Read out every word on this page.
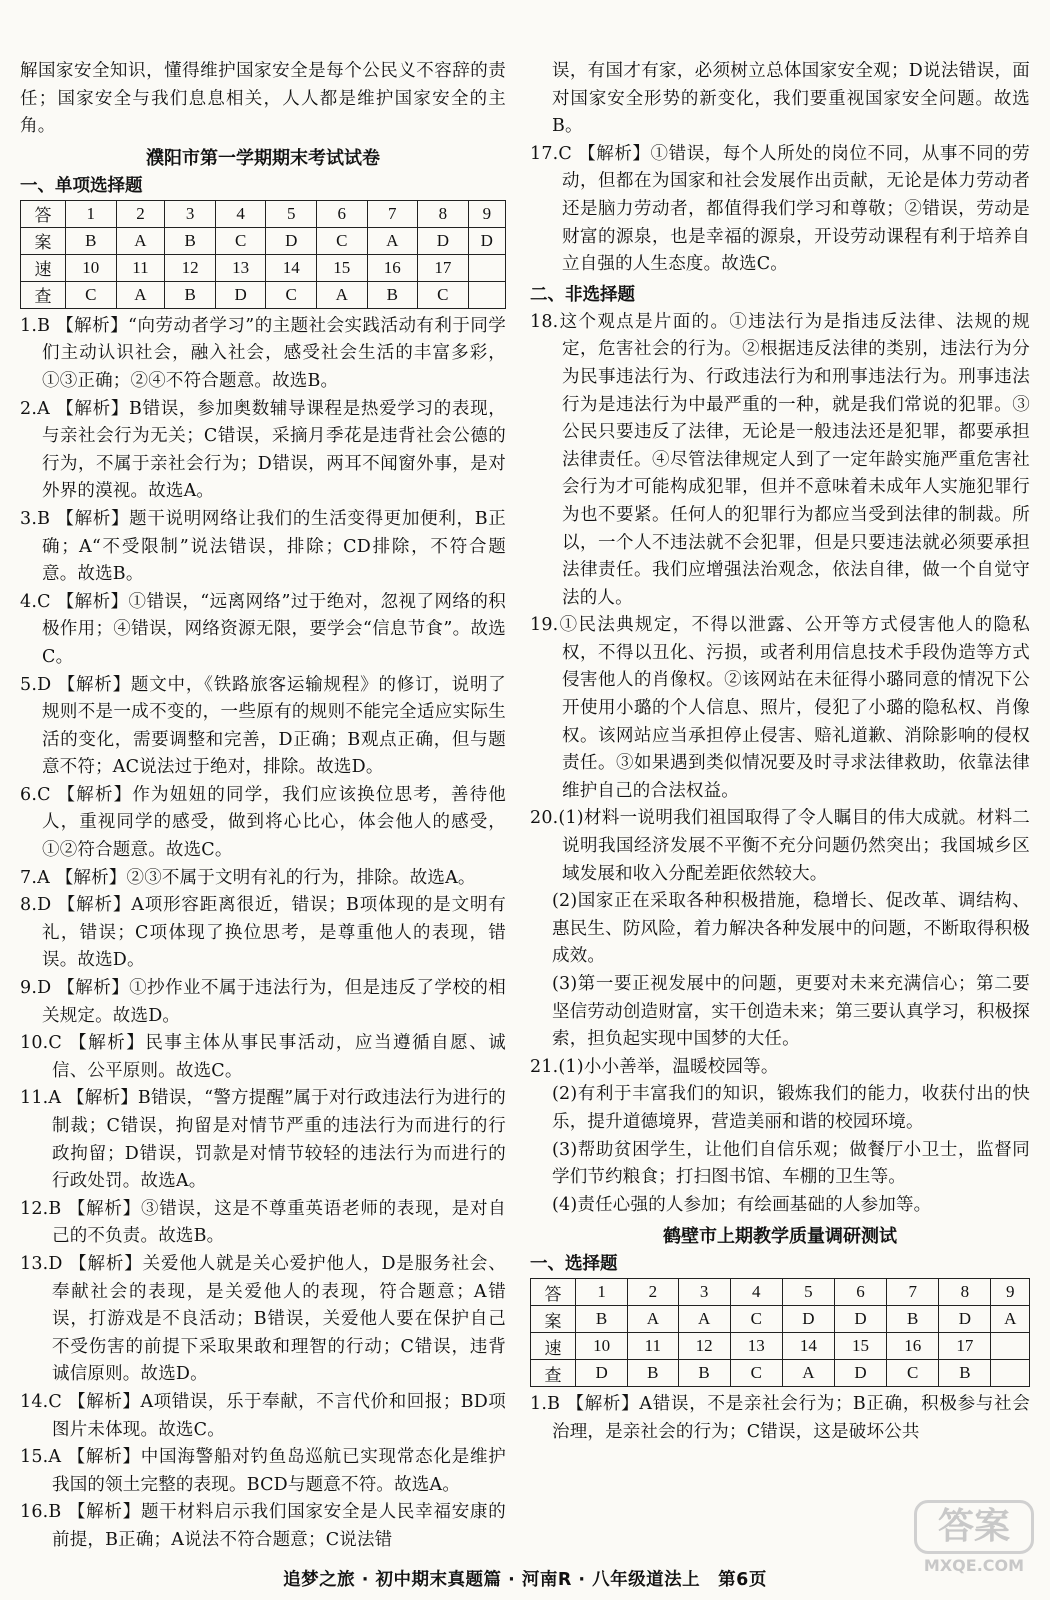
解国家安全知识，懂得维护国家安全是每个公民义不容辞的责任；国家安全与我们息息相关，人人都是维护国家安全的主角。

濮阳市第一学期期末考试试卷
一、单项选择题
答	1	2	3	4	5	6	7	8	9
案	B	A	B	C	D	C	A	D	D
速	10	11	12	13	14	15	16	17	
查	C	A	B	D	C	A	B	C	

1.B 【解析】“向劳动者学习”的主题社会实践活动有利于同学们主动认识社会，融入社会，感受社会生活的丰富多彩，①③正确；②④不符合题意。故选B。

2.A 【解析】B错误，参加奥数辅导课程是热爱学习的表现，与亲社会行为无关；C错误，采摘月季花是违背社会公德的行为，不属于亲社会行为；D错误，两耳不闻窗外事，是对外界的漠视。故选A。

3.B 【解析】题干说明网络让我们的生活变得更加便利，B正确；A“不受限制”说法错误，排除；CD排除，不符合题意。故选B。

4.C 【解析】①错误，“远离网络”过于绝对，忽视了网络的积极作用；④错误，网络资源无限，要学会“信息节食”。故选C。

5.D 【解析】题文中，《铁路旅客运输规程》的修订，说明了规则不是一成不变的，一些原有的规则不能完全适应实际生活的变化，需要调整和完善，D正确；B观点正确，但与题意不符；AC说法过于绝对，排除。故选D。

6.C 【解析】作为妞妞的同学，我们应该换位思考，善待他人，重视同学的感受，做到将心比心，体会他人的感受，①②符合题意。故选C。

7.A 【解析】②③不属于文明有礼的行为，排除。故选A。

8.D 【解析】A项形容距离很近，错误；B项体现的是文明有礼，错误；C项体现了换位思考，是尊重他人的表现，错误。故选D。

9.D 【解析】①抄作业不属于违法行为，但是违反了学校的相关规定。故选D。

10.C 【解析】民事主体从事民事活动，应当遵循自愿、诚信、公平原则。故选C。

11.A 【解析】B错误，“警方提醒”属于对行政违法行为进行的制裁；C错误，拘留是对情节严重的违法行为而进行的行政拘留；D错误，罚款是对情节较轻的违法行为而进行的行政处罚。故选A。

12.B 【解析】③错误，这是不尊重英语老师的表现，是对自己的不负责。故选B。

13.D 【解析】关爱他人就是关心爱护他人，D是服务社会、奉献社会的表现，是关爱他人的表现，符合题意；A错误，打游戏是不良活动；B错误，关爱他人要在保护自己不受伤害的前提下采取果敢和理智的行动；C错误，违背诚信原则。故选D。

14.C 【解析】A项错误，乐于奉献，不言代价和回报；BD项图片未体现。故选C。

15.A 【解析】中国海警船对钓鱼岛巡航已实现常态化是维护我国的领土完整的表现。BCD与题意不符。故选A。

16.B 【解析】题干材料启示我们国家安全是人民幸福安康的前提，B正确；A说法不符合题意；C说法错

误，有国才有家，必须树立总体国家安全观；D说法错误，面对国家安全形势的新变化，我们要重视国家安全问题。故选B。

17.C 【解析】①错误，每个人所处的岗位不同，从事不同的劳动，但都在为国家和社会发展作出贡献，无论是体力劳动者还是脑力劳动者，都值得我们学习和尊敬；②错误，劳动是财富的源泉，也是幸福的源泉，开设劳动课程有利于培养自立自强的人生态度。故选C。

二、非选择题

18.这个观点是片面的。①违法行为是指违反法律、法规的规定，危害社会的行为。②根据违反法律的类别，违法行为分为民事违法行为、行政违法行为和刑事违法行为。刑事违法行为是违法行为中最严重的一种，就是我们常说的犯罪。③公民只要违反了法律，无论是一般违法还是犯罪，都要承担法律责任。④尽管法律规定人到了一定年龄实施严重危害社会行为才可能构成犯罪，但并不意味着未成年人实施犯罪行为也不要紧。任何人的犯罪行为都应当受到法律的制裁。所以，一个人不违法就不会犯罪，但是只要违法就必须要承担法律责任。我们应增强法治观念，依法自律，做一个自觉守法的人。

19.①民法典规定，不得以泄露、公开等方式侵害他人的隐私权，不得以丑化、污损，或者利用信息技术手段伪造等方式侵害他人的肖像权。②该网站在未征得小璐同意的情况下公开使用小璐的个人信息、照片，侵犯了小璐的隐私权、肖像权。该网站应当承担停止侵害、赔礼道歉、消除影响的侵权责任。③如果遇到类似情况要及时寻求法律救助，依靠法律维护自己的合法权益。

20.(1)材料一说明我们祖国取得了令人瞩目的伟大成就。材料二说明我国经济发展不平衡不充分问题仍然突出；我国城乡区域发展和收入分配差距依然较大。

(2)国家正在采取各种积极措施，稳增长、促改革、调结构、惠民生、防风险，着力解决各种发展中的问题，不断取得积极成效。

(3)第一要正视发展中的问题，更要对未来充满信心；第二要坚信劳动创造财富，实干创造未来；第三要认真学习，积极探索，担负起实现中国梦的大任。

21.(1)小小善举，温暖校园等。

(2)有利于丰富我们的知识，锻炼我们的能力，收获付出的快乐，提升道德境界，营造美丽和谐的校园环境。

(3)帮助贫困学生，让他们自信乐观；做餐厅小卫士，监督同学们节约粮食；打扫图书馆、车棚的卫生等。

(4)责任心强的人参加；有绘画基础的人参加等。

鹤壁市上期教学质量调研测试
一、选择题
答	1	2	3	4	5	6	7	8	9
案	B	A	A	C	D	D	B	D	A
速	10	11	12	13	14	15	16	17	
查	D	B	B	C	A	D	C	B	

1.B 【解析】A错误，不是亲社会行为；B正确，积极参与社会治理，是亲社会的行为；C错误，这是破坏公共

追梦之旅 · 初中期末真题篇 · 河南R · 八年级道法上　第6页
答案
MXQE.COM
